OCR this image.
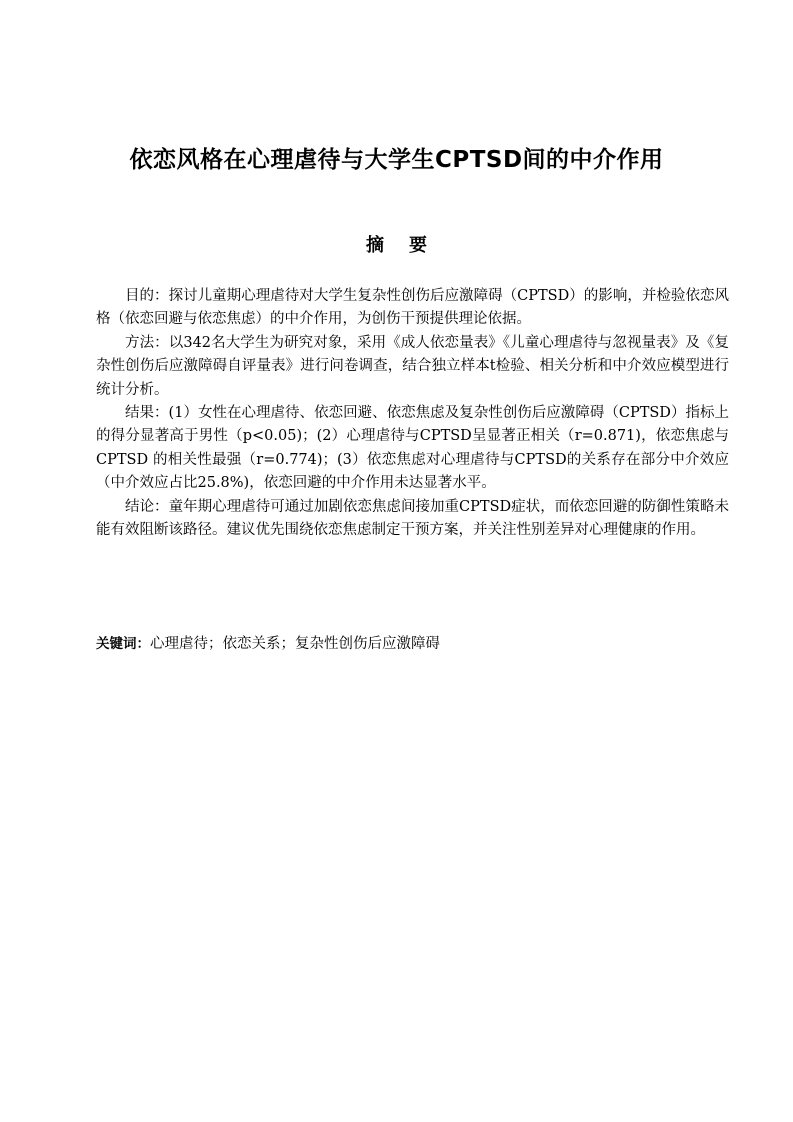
依恋风格在心理虐待与大学生CPTSD间的中介作用
摘    要

目的：探讨儿童期心理虐待对大学生复杂性创伤后应激障碍（CPTSD）的影响，并检验依恋风格（依恋回避与依恋焦虑）的中介作用，为创伤干预提供理论依据。

方法：以342名大学生为研究对象，采用《成人依恋量表》《儿童心理虐待与忽视量表》及《复杂性创伤后应激障碍自评量表》进行问卷调查，结合独立样本t检验、相关分析和中介效应模型进行统计分析。

结果：(1）女性在心理虐待、依恋回避、依恋焦虑及复杂性创伤后应激障碍（CPTSD）指标上的得分显著高于男性（p<0.05)；(2）心理虐待与CPTSD呈显著正相关（r=0.871)，依恋焦虑与CPTSD 的相关性最强（r=0.774)；(3）依恋焦虑对心理虐待与CPTSD的关系存在部分中介效应（中介效应占比25.8%)，依恋回避的中介作用未达显著水平。

结论：童年期心理虐待可通过加剧依恋焦虑间接加重CPTSD症状，而依恋回避的防御性策略未能有效阻断该路径。建议优先围绕依恋焦虑制定干预方案，并关注性别差异对心理健康的作用。

关键词：心理虐待；依恋关系；复杂性创伤后应激障碍
